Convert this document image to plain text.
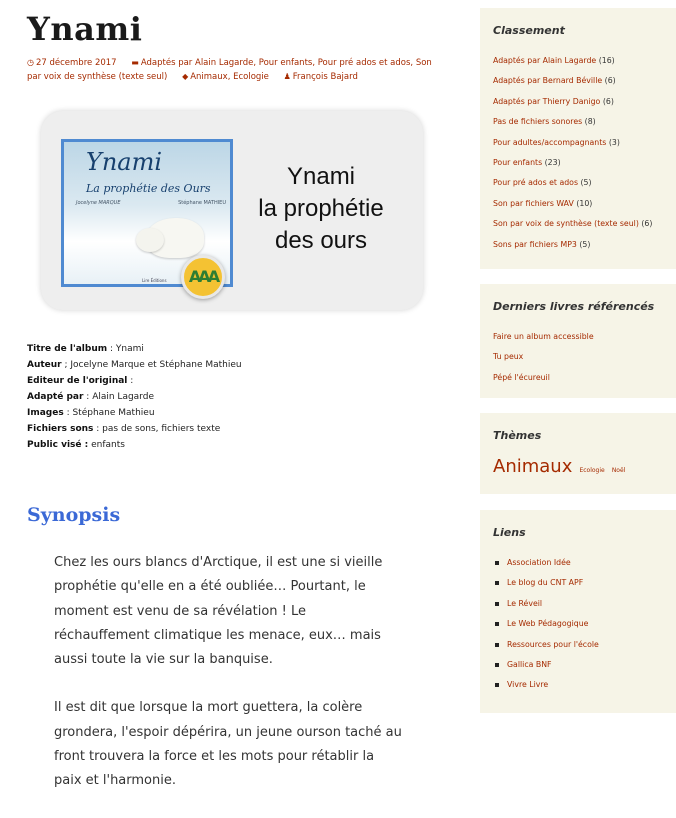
Ynami
◷ 27 décembre 2017 ▬ Adaptés par Alain Lagarde, Pour enfants, Pour pré ados et ados, Son par voix de synthèse (texte seul) ◆ Animaux, Ecologie ♟ François Bajard
Ynami
La prophétie des Ours
Stéphane MATHIEU
Jocelyne MARQUE
Lire Éditions	AAA
Ynami
la prophétie
des ours
Titre de l'album : Ynami
Auteur ; Jocelyne Marque et Stéphane Mathieu
Editeur de l'original :
Adapté par : Alain Lagarde
Images : Stéphane Mathieu
Fichiers sons : pas de sons, fichiers texte
Public visé : enfants
Synopsis

Chez les ours blancs d'Arctique, il est une si vieille prophétie qu'elle en a été oubliée… Pourtant, le moment est venu de sa révélation ! Le réchauffement climatique les menace, eux… mais aussi toute la vie sur la banquise.

Il est dit que lorsque la mort guettera, la colère grondera, l'espoir dépérira, un jeune ourson taché au front trouvera la force et les mots pour rétablir la paix et l'harmonie.

Classement
Adaptés par Alain Lagarde (16)
Adaptés par Bernard Béville (6)
Adaptés par Thierry Danigo (6)
Pas de fichiers sonores (8)
Pour adultes/accompagnants (3)
Pour enfants (23)
Pour pré ados et ados (5)
Son par fichiers WAV (10)
Son par voix de synthèse (texte seul) (6)
Sons par fichiers MP3 (5)
Derniers livres référencés
Faire un album accessible
Tu peux
Pépé l'écureuil
Thèmes
Animaux Ecologie Noël
Liens
Association Idée
Le blog du CNT APF
Le Réveil
Le Web Pédagogique
Ressources pour l'école
Gallica BNF
Vivre Livre
